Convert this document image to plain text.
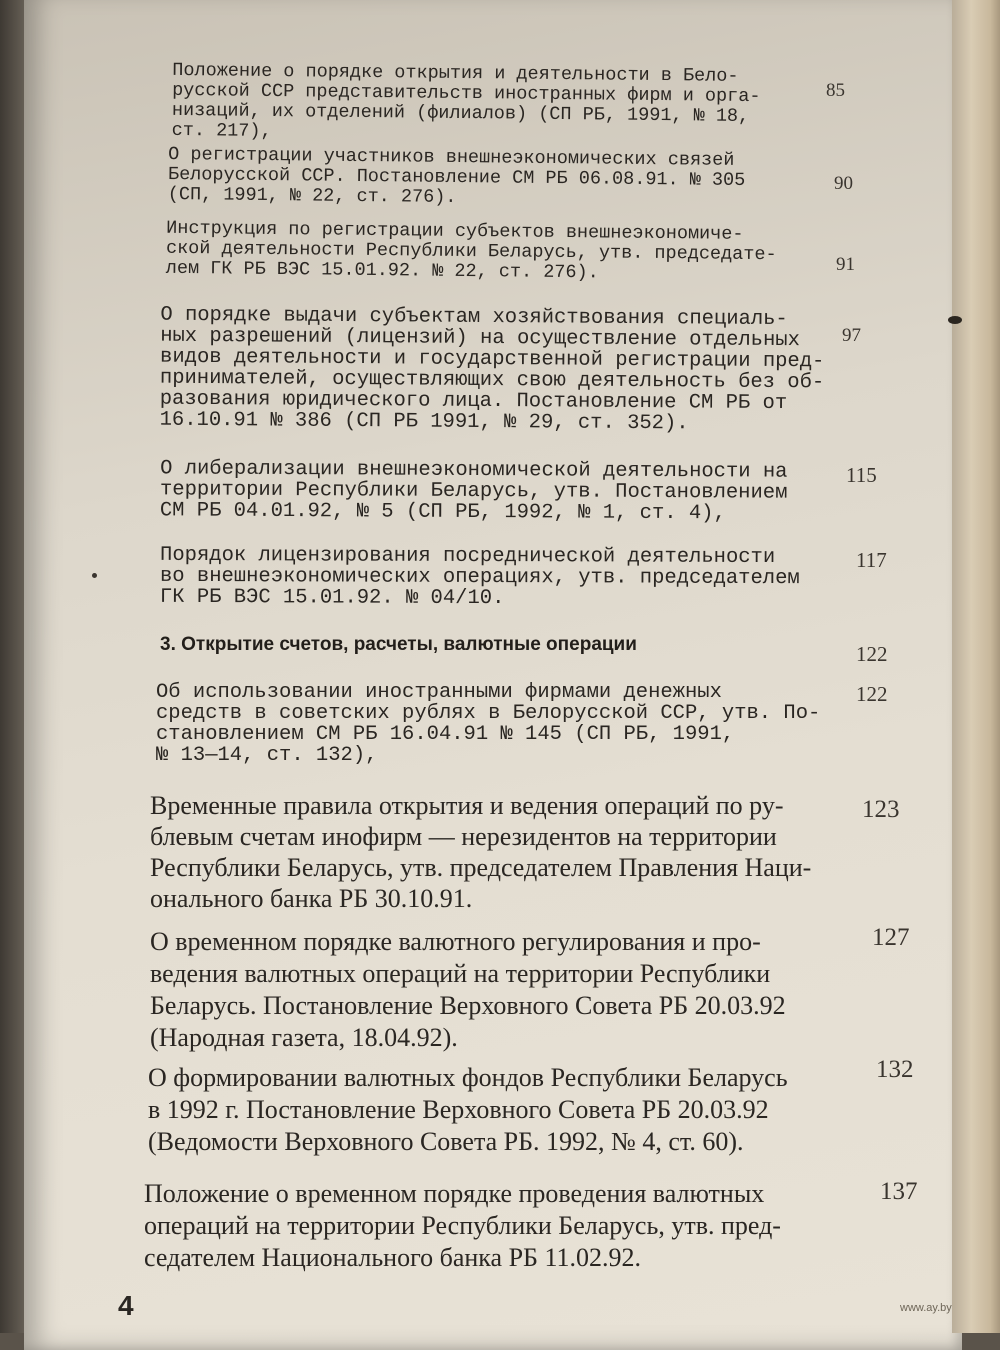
Положение о порядке открытия и деятельности в Бело-
русской ССР представительств иностранных фирм и орга-
низаций, их отделений (филиалов) (СП РБ, 1991, № 18,
ст. 217),
85
О регистрации участников внешнеэкономических связей
Белорусской ССР. Постановление СМ РБ 06.08.91. № 305
(СП, 1991, № 22, ст. 276).
90
Инструкция по регистрации субъектов внешнеэкономиче-
ской деятельности Республики Беларусь, утв. председате-
лем ГК РБ ВЭС 15.01.92. № 22, ст. 276).	91
О порядке выдачи субъектам хозяйствования специаль-
ных разрешений (лицензий) на осуществление отдельных
видов деятельности и государственной регистрации пред-
принимателей, осуществляющих свою деятельность без об-
разования юридического лица. Постановление СМ РБ от
16.10.91 № 386 (СП РБ 1991, № 29, ст. 352).
97
О либерализации внешнеэкономической деятельности на
территории Республики Беларусь, утв. Постановлением
СМ РБ 04.01.92, № 5 (СП РБ, 1992, № 1, ст. 4),
115
Порядок лицензирования посреднической деятельности
во внешнеэкономических операциях, утв. председателем
ГК РБ ВЭС 15.01.92. № 04/10.
117
3. Открытие счетов, расчеты, валютные операции	122
Об использовании иностранными фирмами денежных
средств в советских рублях в Белорусской ССР, утв. По-
становлением СМ РБ 16.04.91 № 145 (СП РБ, 1991,
№ 13—14, ст. 132),
122
Временные правила открытия и ведения операций по ру-
блевым счетам инофирм — нерезидентов на территории
Республики Беларусь, утв. председателем Правления Наци-
онального банка РБ 30.10.91.
123
О временном порядке валютного регулирования и про-
ведения валютных операций на территории Республики
Беларусь. Постановление Верховного Совета РБ 20.03.92
(Народная газета, 18.04.92).
127
О формировании валютных фондов Республики Беларусь
в 1992 г. Постановление Верховного Совета РБ 20.03.92
(Ведомости Верховного Совета РБ. 1992, № 4, ст. 60).
132
Положение о временном порядке проведения валютных
операций на территории Республики Беларусь, утв. пред-
седателем Национального банка РБ 11.02.92.
137
4	www.ay.by
